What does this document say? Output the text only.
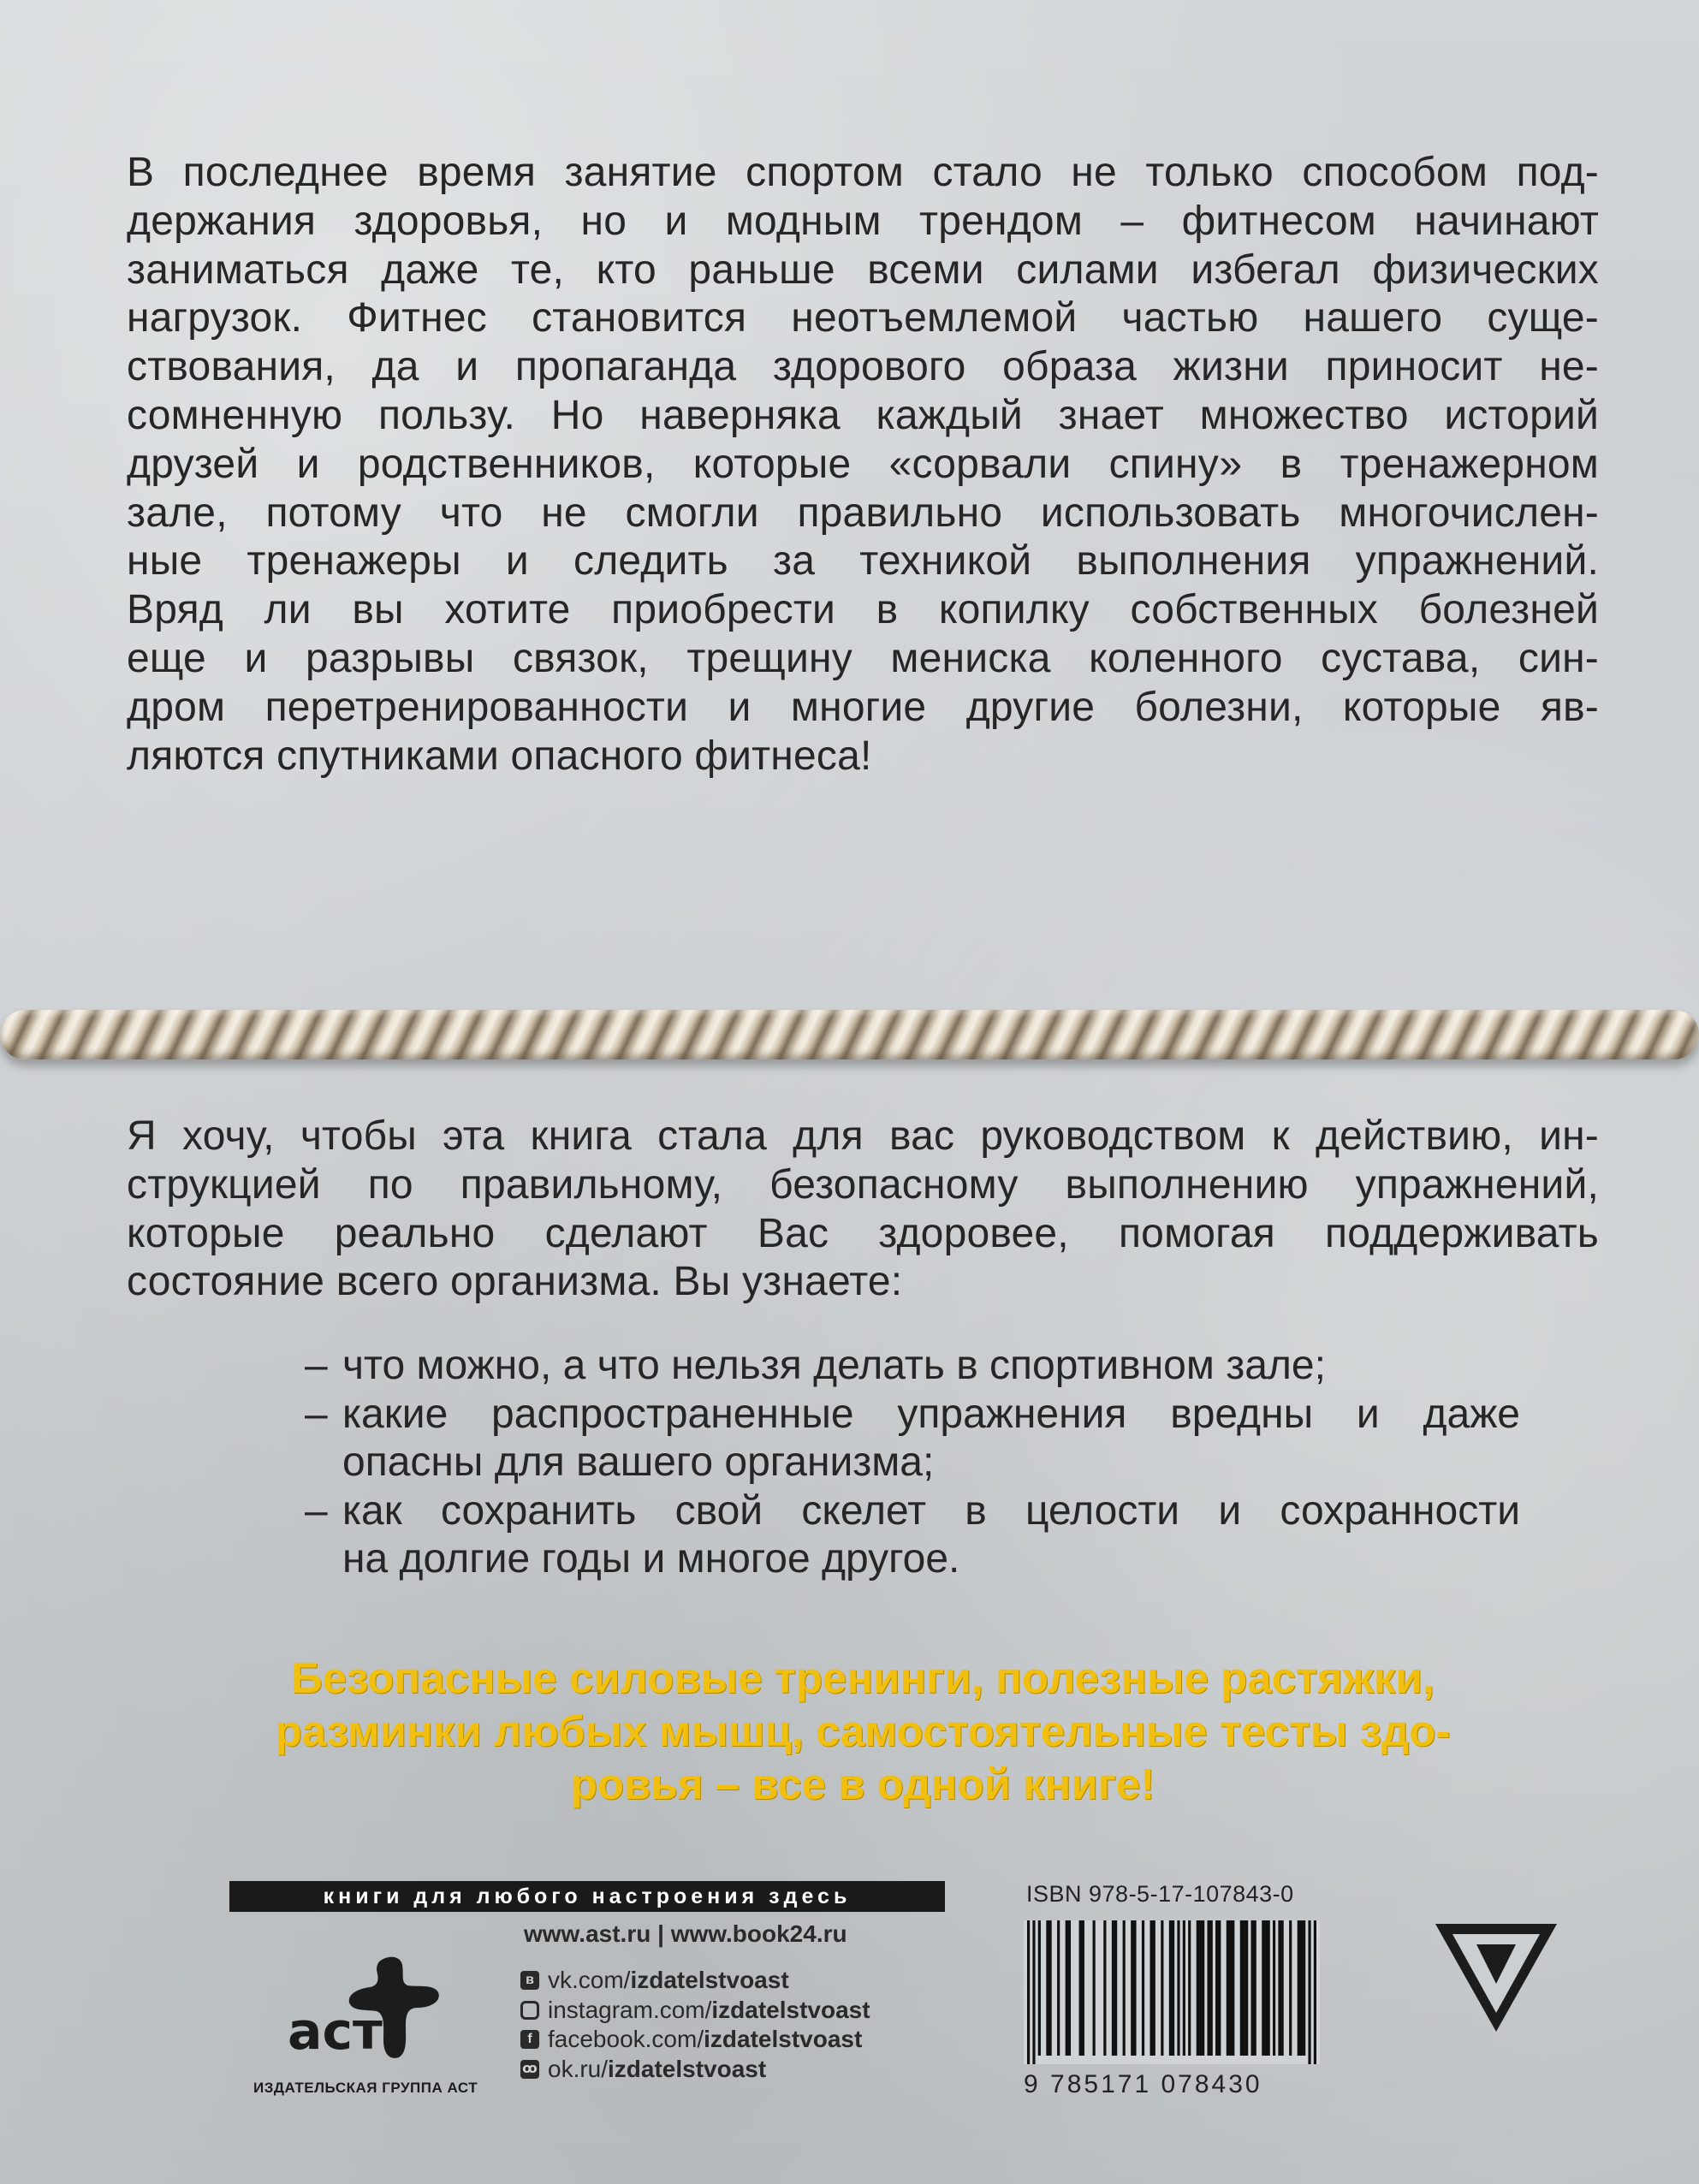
В последнее время занятие спортом стало не только способом под-
держания здоровья, но и модным трендом – фитнесом начинают
заниматься даже те, кто раньше всеми силами избегал физических
нагрузок. Фитнес становится неотъемлемой частью нашего суще-
ствования, да и пропаганда здорового образа жизни приносит не-
сомненную пользу. Но наверняка каждый знает множество историй
друзей и родственников, которые «сорвали спину» в тренажерном
зале, потому что не смогли правильно использовать многочислен-
ные тренажеры и следить за техникой выполнения упражнений.
Вряд ли вы хотите приобрести в копилку собственных болезней
еще и разрывы связок, трещину мениска коленного сустава, син-
дром перетренированности и многие другие болезни, которые яв-
ляются спутниками опасного фитнеса!
Я хочу, чтобы эта книга стала для вас руководством к действию, ин-
струкцией по правильному, безопасному выполнению упражнений,
которые реально сделают Вас здоровее, помогая поддерживать
состояние всего организма. Вы узнаете:
– что можно, а что нельзя делать в спортивном зале;
– какие распространенные упражнения вредны и даже
опасны для вашего организма;
– как сохранить свой скелет в целости и сохранности
на долгие годы и многое другое.
Безопасные силовые тренинги, полезные растяжки,
разминки любых мышц, самостоятельные тесты здо-
ровья – все в одной книге!
книги для любого настроения здесь
аст
ИЗДАТЕЛЬСКАЯ ГРУППА АСТ
www.ast.ru | www.book24.ru
ʙ vk.com/ izdatelstvoast
instagram.com/ izdatelstvoast
f facebook.com/ izdatelstvoast
ꝏ ok.ru/ izdatelstvoast
ISBN 978-5-17-107843-0
9 785171 078430
